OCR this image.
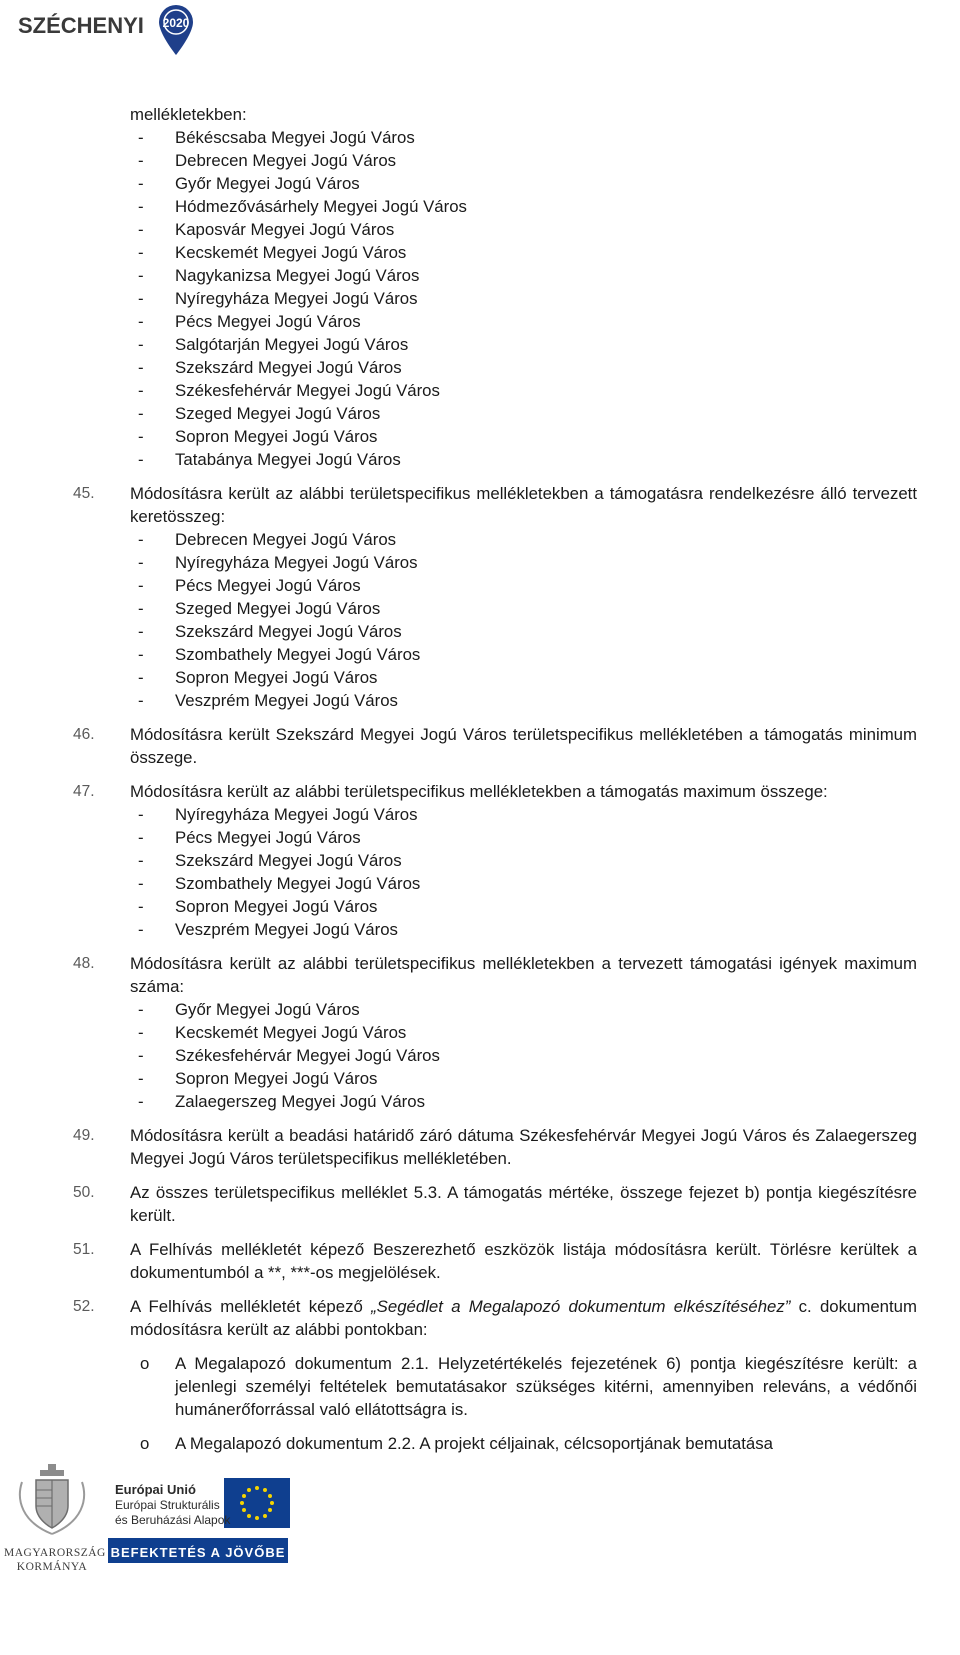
SZÉCHENYI 2020

mellékletekben:

- Békéscsaba Megyei Jogú Város
- Debrecen Megyei Jogú Város
- Győr Megyei Jogú Város
- Hódmezővásárhely Megyei Jogú Város
- Kaposvár Megyei Jogú Város
- Kecskemét Megyei Jogú Város
- Nagykanizsa Megyei Jogú Város
- Nyíregyháza Megyei Jogú Város
- Pécs Megyei Jogú Város
- Salgótarján Megyei Jogú Város
- Szekszárd Megyei Jogú Város
- Székesfehérvár Megyei Jogú Város
- Szeged Megyei Jogú Város
- Sopron Megyei Jogú Város
- Tatabánya Megyei Jogú Város
45. Módosításra került az alábbi területspecifikus mellékletekben a támogatásra rendelkezésre álló tervezett keretösszeg:

- Debrecen Megyei Jogú Város
- Nyíregyháza Megyei Jogú Város
- Pécs Megyei Jogú Város
- Szeged Megyei Jogú Város
- Szekszárd Megyei Jogú Város
- Szombathely Megyei Jogú Város
- Sopron Megyei Jogú Város
- Veszprém Megyei Jogú Város
46. Módosításra került Szekszárd Megyei Jogú Város területspecifikus mellékletében a támogatás minimum összege.

47. Módosításra került az alábbi területspecifikus mellékletekben a támogatás maximum összege:

- Nyíregyháza Megyei Jogú Város
- Pécs Megyei Jogú Város
- Szekszárd Megyei Jogú Város
- Szombathely Megyei Jogú Város
- Sopron Megyei Jogú Város
- Veszprém Megyei Jogú Város
48. Módosításra került az alábbi területspecifikus mellékletekben a tervezett támogatási igények maximum száma:

- Győr Megyei Jogú Város
- Kecskemét Megyei Jogú Város
- Székesfehérvár Megyei Jogú Város
- Sopron Megyei Jogú Város
- Zalaegerszeg Megyei Jogú Város
49. Módosításra került a beadási határidő záró dátuma Székesfehérvár Megyei Jogú Város és Zalaegerszeg Megyei Jogú Város területspecifikus mellékletében.

50. Az összes területspecifikus melléklet 5.3. A támogatás mértéke, összege fejezet b) pontja kiegészítésre került.

51. A Felhívás mellékletét képező Beszerezhető eszközök listája módosításra került. Törlésre kerültek a dokumentumból a **, ***-os megjelölések.

52. A Felhívás mellékletét képező „Segédlet a Megalapozó dokumentum elkészítéséhez” c. dokumentum módosításra került az alábbi pontokban:

o A Megalapozó dokumentum 2.1. Helyzetértékelés fejezetének 6) pontja kiegészítésre került: a jelenlegi személyi feltételek bemutatásakor szükséges kitérni, amennyiben releváns, a védőnői humánerőforrással való ellátottságra is.
o A Megalapozó dokumentum 2.2. A projekt céljainak, célcsoportjának bemutatása
MAGYARORSZÁG
KORMÁNYA
Európai Unió
Európai Strukturális
és Beruházási Alapok
BEFEKTETÉS A JÖVŐBE
